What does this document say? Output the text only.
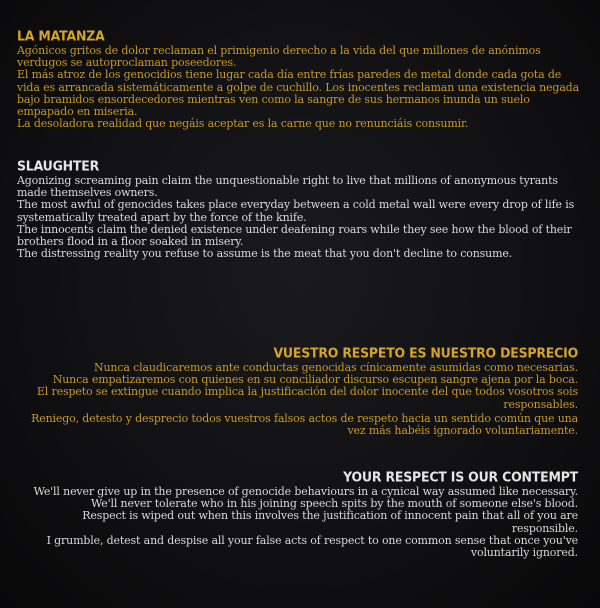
LA MATANZA

Agónicos gritos de dolor reclaman el primigenio derecho a la vida del que millones de anónimos verdugos se autoproclaman poseedores.

El más atroz de los genocidios tiene lugar cada día entre frías paredes de metal donde cada gota de vida es arrancada sistemáticamente a golpe de cuchillo. Los inocentes reclaman una existencia negada bajo bramidos ensordecedores mientras ven como la sangre de sus hermanos inunda un suelo empapado en miseria.

La desoladora realidad que negáis aceptar es la carne que no renunciáis consumir.

SLAUGHTER

Agonizing screaming pain claim the unquestionable right to live that millions of anonymous tyrants made themselves owners.

The most awful of genocides takes place everyday between a cold metal wall were every drop of life is systematically treated apart by the force of the knife.

The innocents claim the denied existence under deafening roars while they see how the blood of their brothers flood in a floor soaked in misery.

The distressing reality you refuse to assume is the meat that you don't decline to consume.

VUESTRO RESPETO ES NUESTRO DESPRECIO

Nunca claudicaremos ante conductas genocidas cínicamente asumidas como necesarias.

Nunca empatizaremos con quienes en su conciliador discurso escupen sangre ajena por la boca.

El respeto se extingue cuando implica la justificación del dolor inocente del que todos vosotros sois responsables.

Reniego, detesto y desprecio todos vuestros falsos actos de respeto hacia un sentido común que una vez más habéis ignorado voluntariamente.

YOUR RESPECT IS OUR CONTEMPT

We'll never give up in the presence of genocide behaviours in a cynical way assumed like necessary.

We'll never tolerate who in his joining speech spits by the mouth of someone else's blood.

Respect is wiped out when this involves the justification of innocent pain that all of you are responsible.

I grumble, detest and despise all your false acts of respect to one common sense that once you've voluntarily ignored.
